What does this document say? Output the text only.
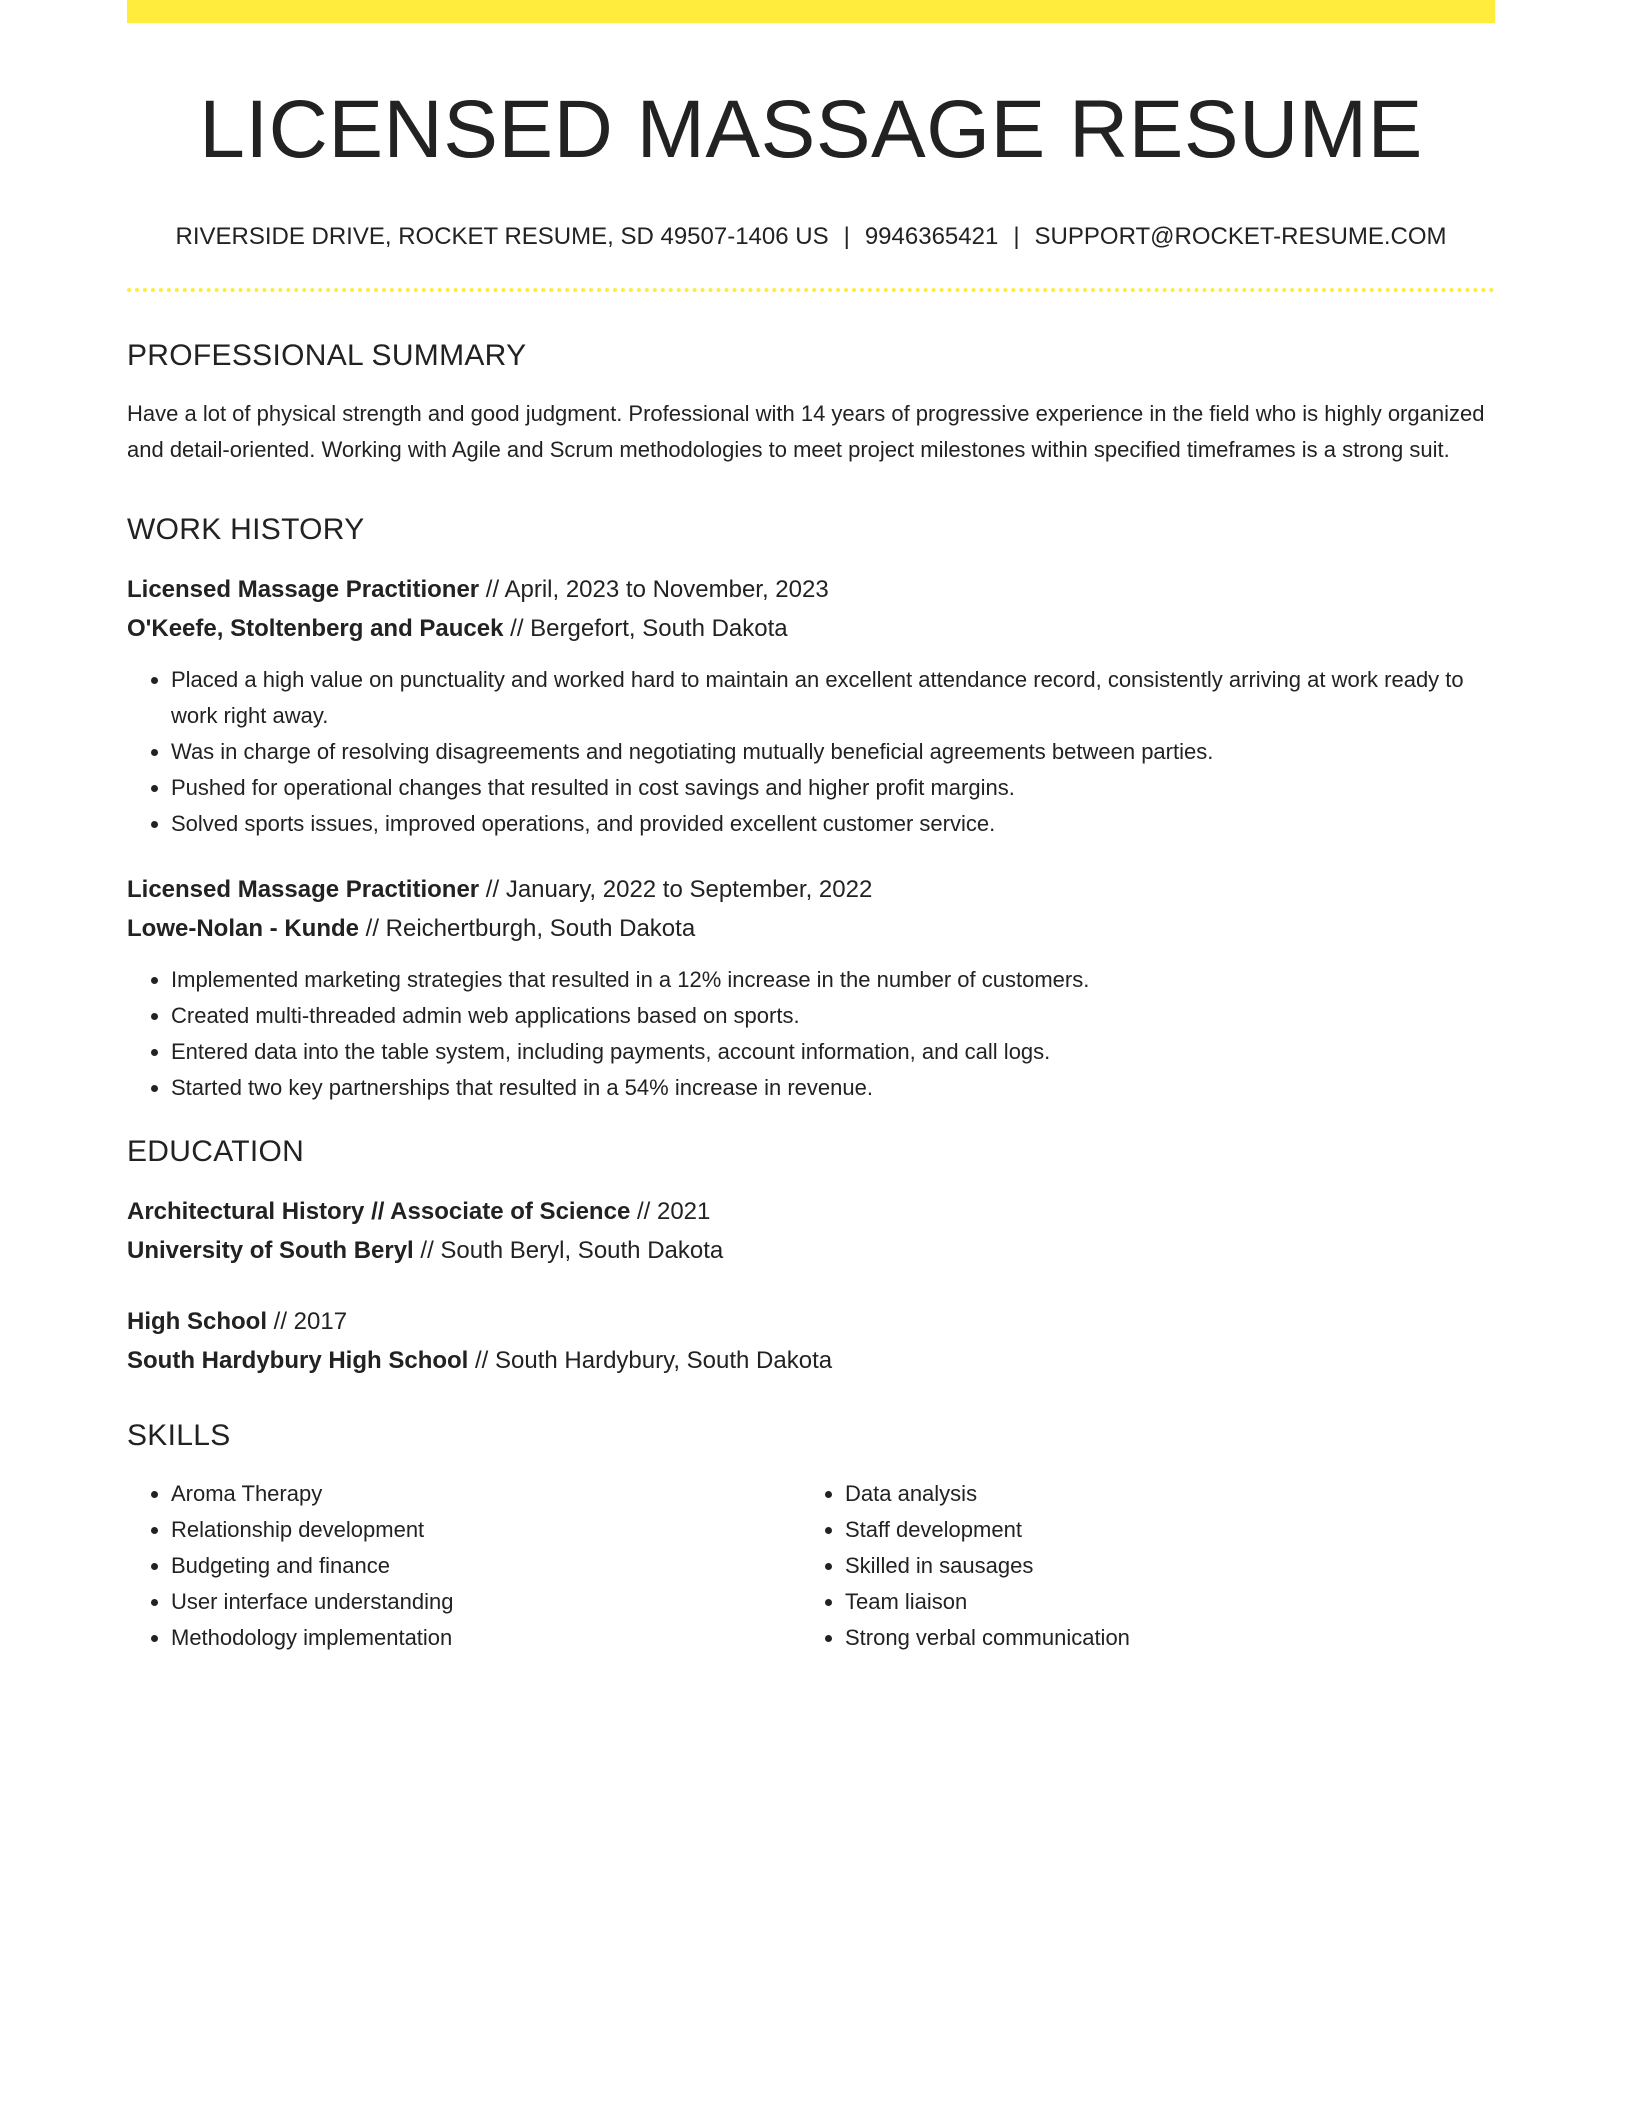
LICENSED MASSAGE RESUME
RIVERSIDE DRIVE, ROCKET RESUME, SD 49507-1406 US | 9946365421 | SUPPORT@ROCKET-RESUME.COM
PROFESSIONAL SUMMARY
Have a lot of physical strength and good judgment. Professional with 14 years of progressive experience in the field who is highly organized and detail-oriented. Working with Agile and Scrum methodologies to meet project milestones within specified timeframes is a strong suit.
WORK HISTORY
Licensed Massage Practitioner // April, 2023 to November, 2023
O'Keefe, Stoltenberg and Paucek // Bergefort, South Dakota
• Placed a high value on punctuality and worked hard to maintain an excellent attendance record, consistently arriving at work ready to work right away.
• Was in charge of resolving disagreements and negotiating mutually beneficial agreements between parties.
• Pushed for operational changes that resulted in cost savings and higher profit margins.
• Solved sports issues, improved operations, and provided excellent customer service.
Licensed Massage Practitioner // January, 2022 to September, 2022
Lowe-Nolan - Kunde // Reichertburgh, South Dakota
• Implemented marketing strategies that resulted in a 12% increase in the number of customers.
• Created multi-threaded admin web applications based on sports.
• Entered data into the table system, including payments, account information, and call logs.
• Started two key partnerships that resulted in a 54% increase in revenue.
EDUCATION
Architectural History // Associate of Science // 2021
University of South Beryl // South Beryl, South Dakota
High School // 2017
South Hardybury High School // South Hardybury, South Dakota
SKILLS
• Aroma Therapy
• Relationship development
• Budgeting and finance
• User interface understanding
• Methodology implementation
• Data analysis
• Staff development
• Skilled in sausages
• Team liaison
• Strong verbal communication
